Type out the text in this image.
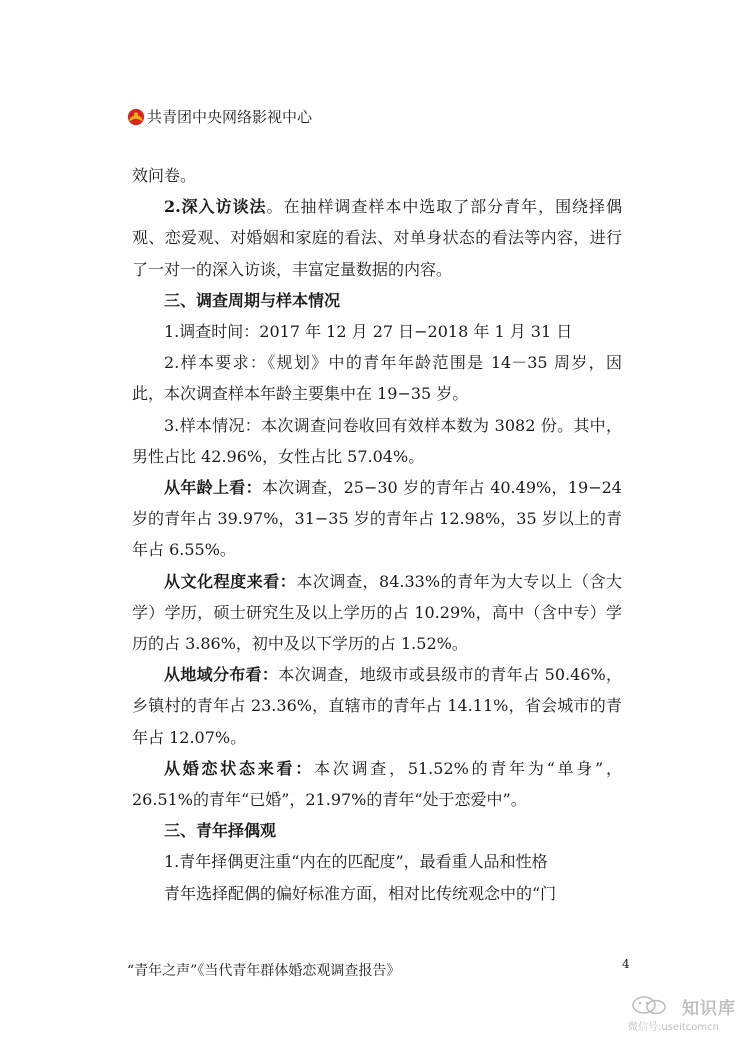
共青团中央网络影视中心

效问卷。

2.深入访谈法。在抽样调查样本中选取了部分青年，围绕择偶观、恋爱观、对婚姻和家庭的看法、对单身状态的看法等内容，进行了一对一的深入访谈，丰富定量数据的内容。

三、调查周期与样本情况

1.调查时间：2017 年 12 月 27 日−2018 年 1 月 31 日

2.样本要求：《规划》中的青年年龄范围是 14－35 周岁，因此，本次调查样本年龄主要集中在 19−35 岁。

3.样本情况：本次调查问卷收回有效样本数为 3082 份。其中，男性占比 42.96%，女性占比 57.04%。

从年龄上看：本次调查，25−30 岁的青年占 40.49%，19−24 岁的青年占 39.97%，31−35 岁的青年占 12.98%，35 岁以上的青年占 6.55%。

从文化程度来看：本次调查，84.33%的青年为大专以上（含大学）学历，硕士研究生及以上学历的占 10.29%，高中（含中专）学历的占 3.86%，初中及以下学历的占 1.52%。

从地域分布看：本次调查，地级市或县级市的青年占 50.46%，乡镇村的青年占 23.36%，直辖市的青年占 14.11%，省会城市的青年占 12.07%。

从婚恋状态来看：本次调查，51.52%的青年为“单身”，26.51%的青年“已婚”，21.97%的青年“处于恋爱中”。

三、青年择偶观

1.青年择偶更注重“内在的匹配度”，最看重人品和性格

青年选择配偶的偏好标准方面，相对比传统观念中的“门

“青年之声”《当代青年群体婚恋观调查报告》	4
知识库
微信号:useitcomcn
